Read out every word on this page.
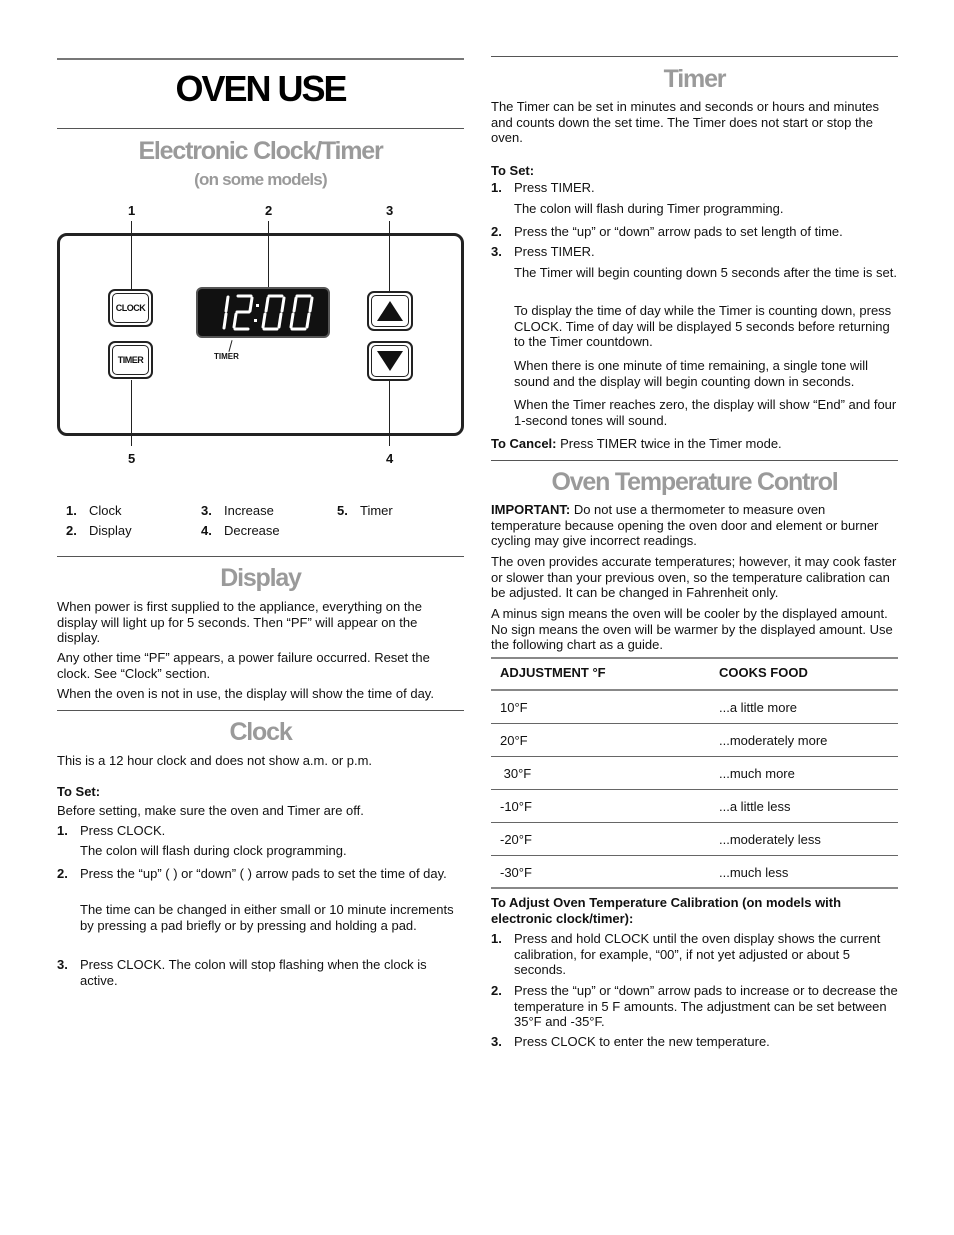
OVEN USE
Electronic Clock/Timer
(on some models)
1	2	3
CLOCK
TIMER	TIMER
5	4
1. Clock
2. Display
3. Increase
4. Decrease
5. Timer
Display
When power is first supplied to the appliance, everything on the display will light up for 5 seconds. Then “PF” will appear on the display.
Any other time “PF” appears, a power failure occurred. Reset the clock. See “Clock” section.
When the oven is not in use, the display will show the time of day.
Clock
This is a 12 hour clock and does not show a.m. or p.m.
To Set:
Before setting, make sure the oven and Timer are off.
1. Press CLOCK.
The colon will flash during clock programming.
2. Press the “up” ( ) or “down” ( ) arrow pads to set the time of day.
The time can be changed in either small or 10 minute increments by pressing a pad briefly or by pressing and holding a pad.
3. Press CLOCK. The colon will stop flashing when the clock is active.
Timer
The Timer can be set in minutes and seconds or hours and minutes and counts down the set time. The Timer does not start or stop the oven.
To Set:
1. Press TIMER.
The colon will flash during Timer programming.
2. Press the “up” or “down” arrow pads to set length of time.
3. Press TIMER.
The Timer will begin counting down 5 seconds after the time is set.
To display the time of day while the Timer is counting down, press CLOCK. Time of day will be displayed 5 seconds before returning to the Timer countdown.
When there is one minute of time remaining, a single tone will sound and the display will begin counting down in seconds.
When the Timer reaches zero, the display will show “End” and four 1-second tones will sound.
To Cancel: Press TIMER twice in the Timer mode.
Oven Temperature Control
IMPORTANT: Do not use a thermometer to measure oven temperature because opening the oven door and element or burner cycling may give incorrect readings.
The oven provides accurate temperatures; however, it may cook faster or slower than your previous oven, so the temperature calibration can be adjusted. It can be changed in Fahrenheit only.
A minus sign means the oven will be cooler by the displayed amount. No sign means the oven will be warmer by the displayed amount. Use the following chart as a guide.
ADJUSTMENT °F	COOKS FOOD
10°F	...a little more
20°F	...moderately more
30°F	...much more
-10°F	...a little less
-20°F	...moderately less
-30°F	...much less
To Adjust Oven Temperature Calibration (on models with electronic clock/timer):
1. Press and hold CLOCK until the oven display shows the current calibration, for example, “00”, if not yet adjusted or about 5 seconds.
2. Press the “up” or “down” arrow pads to increase or to decrease the temperature in 5 F amounts. The adjustment can be set between 35°F and -35°F.
3. Press CLOCK to enter the new temperature.
